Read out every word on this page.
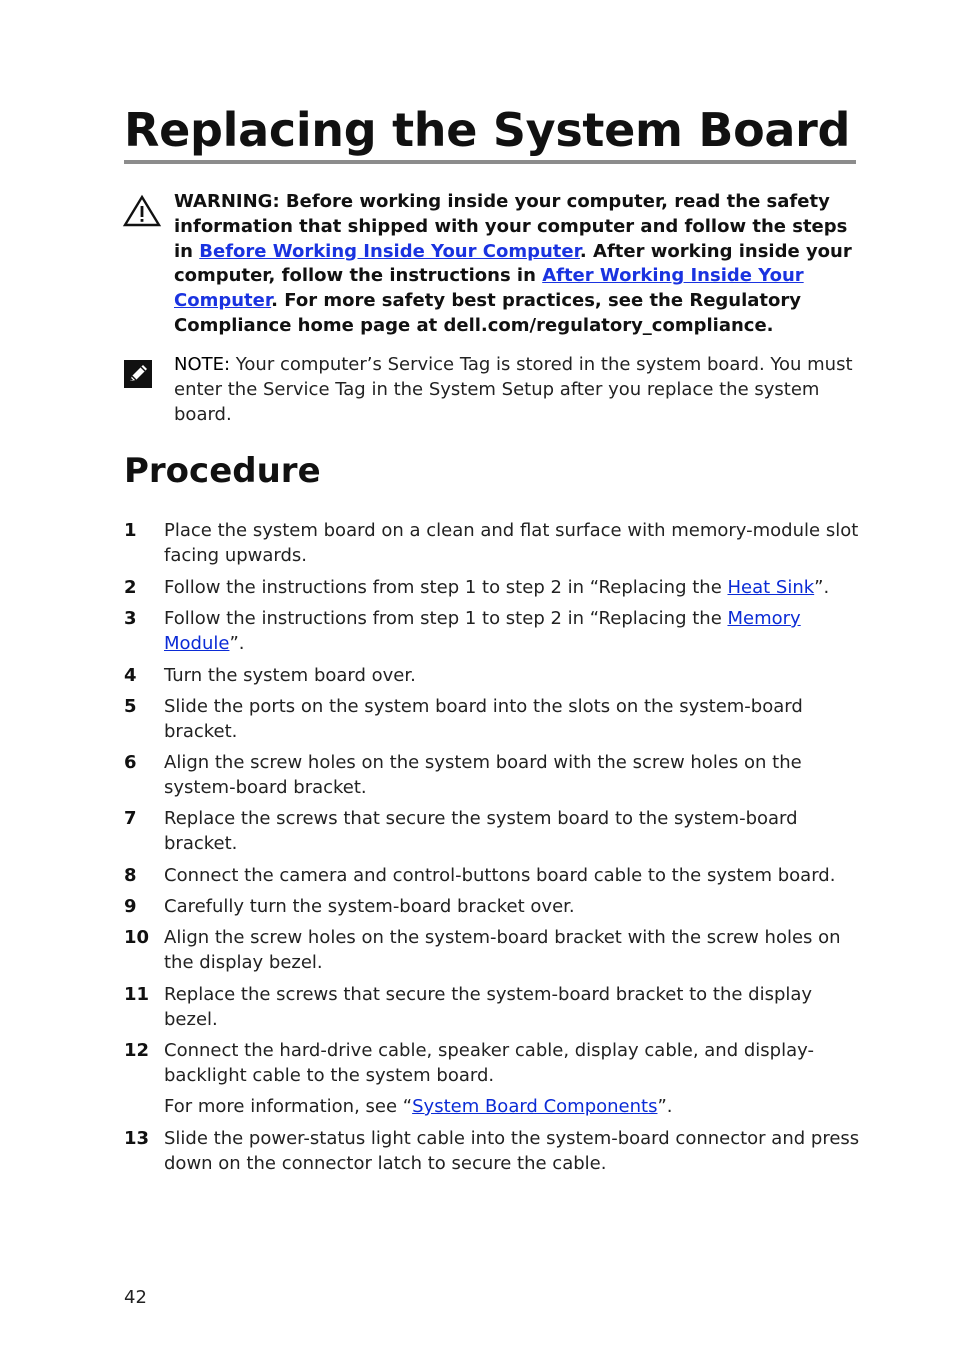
Replacing the System Board
WARNING: Before working inside your computer, read the safety information that shipped with your computer and follow the steps in Before Working Inside Your Computer. After working inside your computer, follow the instructions in After Working Inside Your Computer. For more safety best practices, see the Regulatory Compliance home page at dell.com/regulatory_compliance.
NOTE: Your computer’s Service Tag is stored in the system board. You must enter the Service Tag in the System Setup after you replace the system board.
Procedure
1 Place the system board on a clean and flat surface with memory-module slot facing upwards.
2 Follow the instructions from step 1 to step 2 in “Replacing the Heat Sink”.
3 Follow the instructions from step 1 to step 2 in “Replacing the Memory Module”.
4 Turn the system board over.
5 Slide the ports on the system board into the slots on the system-board bracket.
6 Align the screw holes on the system board with the screw holes on the system-board bracket.
7 Replace the screws that secure the system board to the system-board bracket.
8 Connect the camera and control-buttons board cable to the system board.
9 Carefully turn the system-board bracket over.
10 Align the screw holes on the system-board bracket with the screw holes on the display bezel.
11 Replace the screws that secure the system-board bracket to the display bezel.
12 Connect the hard-drive cable, speaker cable, display cable, and display-backlight cable to the system board.
For more information, see “System Board Components”.
13 Slide the power-status light cable into the system-board connector and press down on the connector latch to secure the cable.
42
